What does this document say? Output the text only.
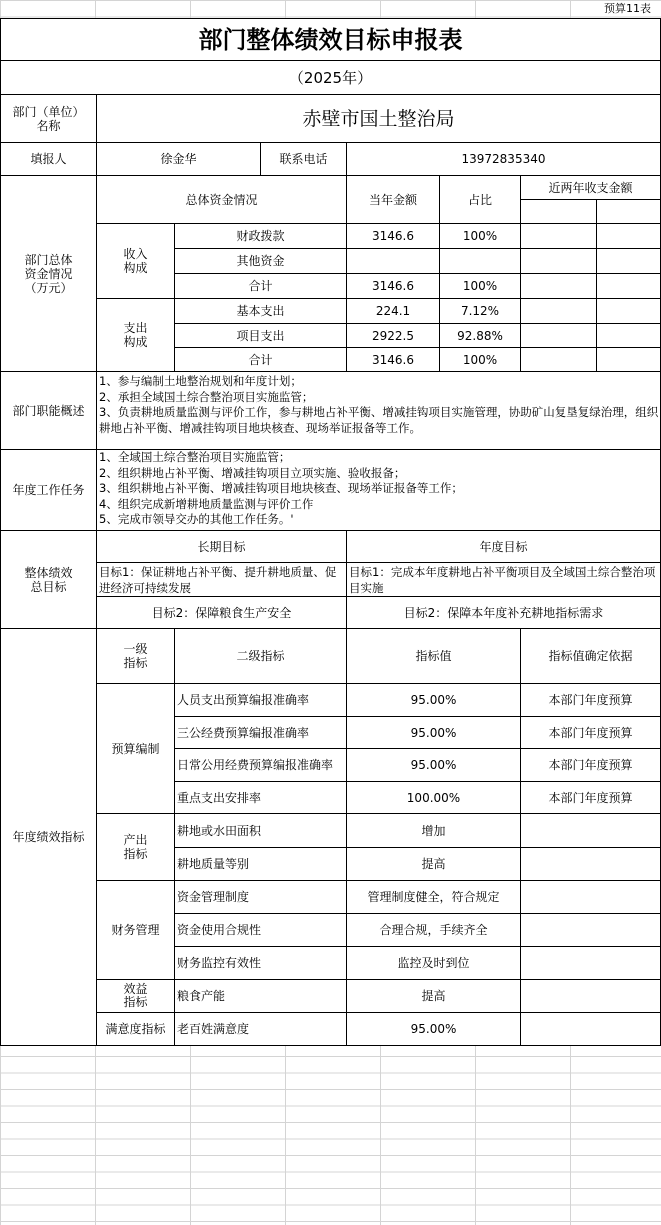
预算11表
部门整体绩效目标申报表
（2025年）
部门（单位）
名称	赤壁市国土整治局
填报人	徐金华	联系电话	13972835340
部门总体
资金情况
（万元）
总体资金情况	当年金额	占比
近两年收支金额
收入
构成
支出
构成
财政拨款	3146.6	100%
其他资金
合计	3146.6	100%
基本支出	224.1	7.12%
项目支出	2922.5	92.88%
合计	3146.6	100%
部门职能概述
1、参与编制土地整治规划和年度计划；
2、承担全域国土综合整治项目实施监管；
3、负责耕地质量监测与评价工作，参与耕地占补平衡、增减挂钩项目实施管理，协助矿山复垦复绿治理，组织耕地占补平衡、增减挂钩项目地块核查、现场举证报备等工作。
年度工作任务
1、全域国土综合整治项目实施监管；
2、组织耕地占补平衡、增减挂钩项目立项实施、验收报备；
3、组织耕地占补平衡、增减挂钩项目地块核查、现场举证报备等工作；
4、组织完成新增耕地质量监测与评价工作
5、完成市领导交办的其他工作任务。'
整体绩效
总目标
长期目标	年度目标
目标1：保证耕地占补平衡、提升耕地质量、促进经济可持续发展
目标1：完成本年度耕地占补平衡项目及全域国土综合整治项目实施
目标2：保障粮食生产安全	目标2：保障本年度补充耕地指标需求
年度绩效指标
一级
指标	二级指标	指标值	指标值确定依据
预算编制
人员支出预算编报准确率	95.00%	本部门年度预算
三公经费预算编报准确率	95.00%	本部门年度预算
日常公用经费预算编报准确率	95.00%	本部门年度预算
重点支出安排率	100.00%	本部门年度预算
产出
指标
耕地或水田面积	增加
耕地质量等别	提高
财务管理
资金管理制度	管理制度健全，符合规定
资金使用合规性	合理合规，手续齐全
财务监控有效性	监控及时到位
效益
指标	粮食产能	提高
满意度指标 老百姓满意度	95.00%
